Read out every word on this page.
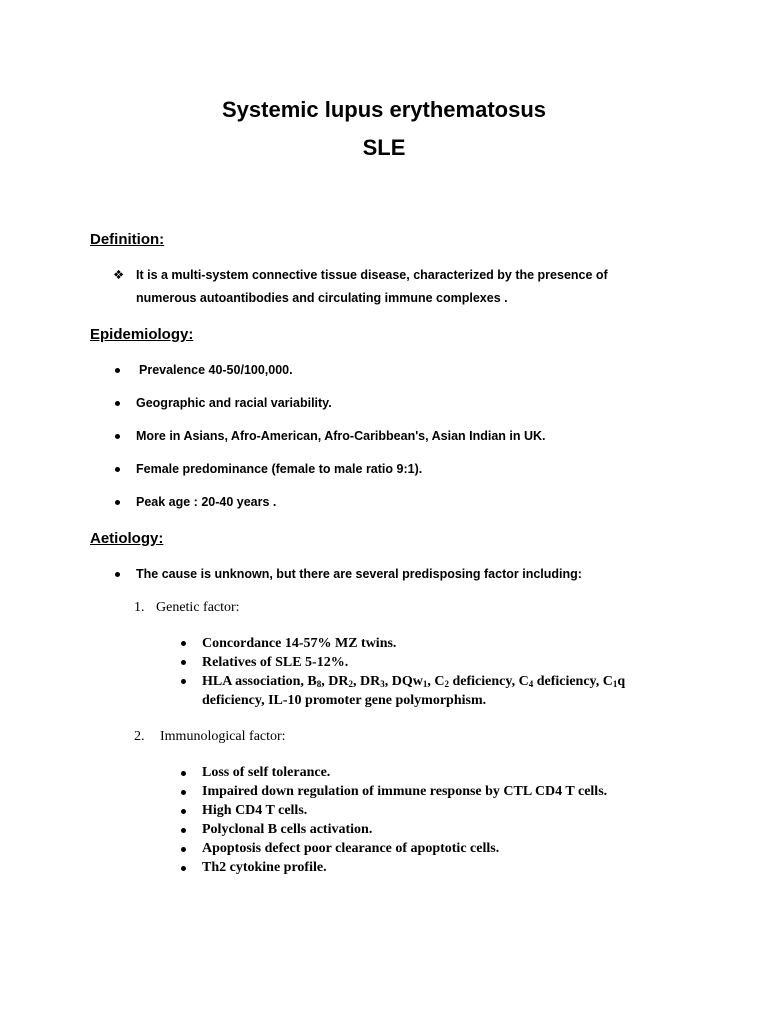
Systemic lupus erythematosus
SLE
Definition:
❖ It is a multi-system connective tissue disease, characterized by the presence of
numerous autoantibodies and circulating immune complexes .
Epidemiology:
Prevalence 40-50/100,000.
Geographic and racial variability.
More in Asians, Afro-American, Afro-Caribbean's, Asian Indian in UK.
Female predominance (female to male ratio 9:1).
Peak age : 20-40 years .
Aetiology:
The cause is unknown, but there are several predisposing factor including:
1. Genetic factor:
Concordance 14-57% MZ twins.
Relatives of SLE 5-12%.
HLA association, $B_8$, $DR_2$, $DR_3$, DQw$_1$, $C_2$ deficiency, $C_4$ deficiency, $C_1q$
deficiency, IL-10 promoter gene polymorphism.
2. Immunological factor:
Loss of self tolerance.
Impaired down regulation of immune response by CTL CD4 T cells.
High CD4 T cells.
Polyclonal B cells activation.
Apoptosis defect poor clearance of apoptotic cells.
Th2 cytokine profile.
